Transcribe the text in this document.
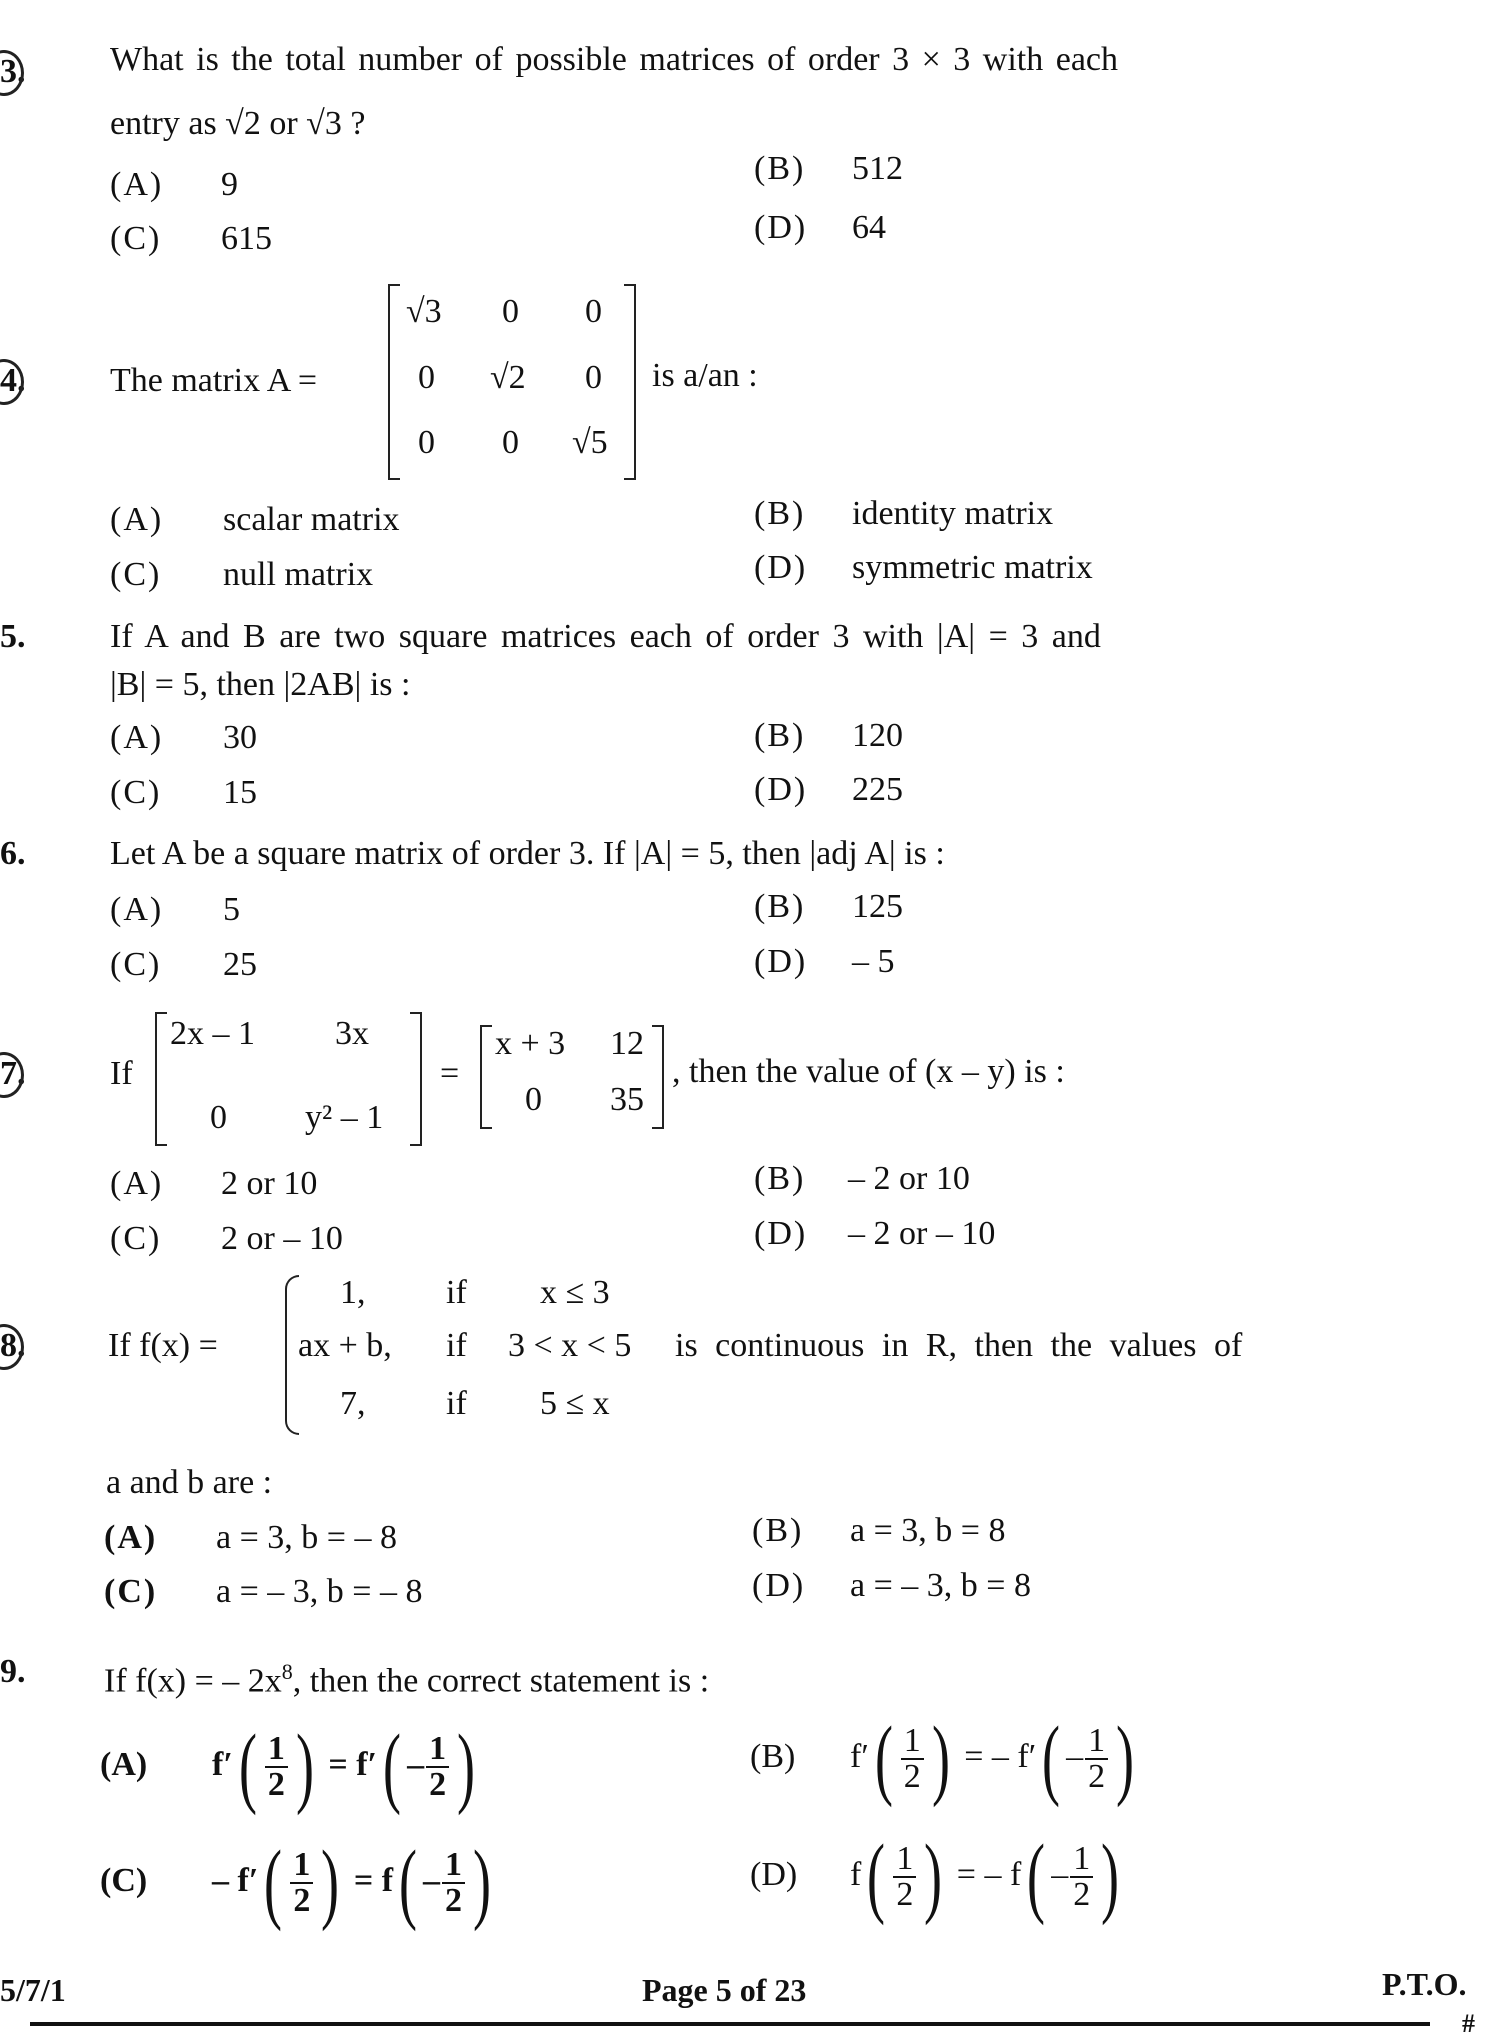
3. What is the total number of possible matrices of order 3 × 3 with each
entry as √2 or √3 ?
(A) 9	(B) 512
(C) 615	(D) 64
4. The matrix A =
√3 0 0
0 √2 0
0 0 √5
is a/an :
(A) scalar matrix	(B) identity matrix
(C) null matrix	(D) symmetric matrix
5. If A and B are two square matrices each of order 3 with |A| = 3 and
|B| = 5, then |2AB| is :
(A) 30	(B) 120
(C) 15	(D) 225
6. Let A be a square matrix of order 3. If |A| = 5, then |adj A| is :
(A) 5	(B) 125
(C) 25	(D) – 5
7. If
2x – 1 3x
0 y² – 1
=
x + 3 12
0 35
, then the value of (x – y) is :
(A) 2 or 10	(B) – 2 or 10
(C) 2 or – 10	(D) – 2 or – 10
8. If f(x) =
1, if x ≤ 3
ax + b, if 3 < x < 5
7, if 5 ≤ x
is continuous in R, then the values of
a and b are :
(A) a = 3, b = – 8	(B) a = 3, b = 8
(C) a = – 3, b = – 8	(D) a = – 3, b = 8
9. If f(x) = – $2x^8$, then the correct statement is :
(A) $f'( \frac{1}{2}$ ) = $f'( - \frac{1}{2}$ )	(B) $f'( \frac{1}{2}$ ) = – $f'( - \frac{1}{2}$ )
$(C) - f'( \frac{1}{2}$ ) = $f( - \frac{1}{2}$ )	(D) $f( \frac{1}{2}$ ) = – $f( - \frac{1}{2}$ )
5/7/1	Page 5 of 23	P.T.O.
#
